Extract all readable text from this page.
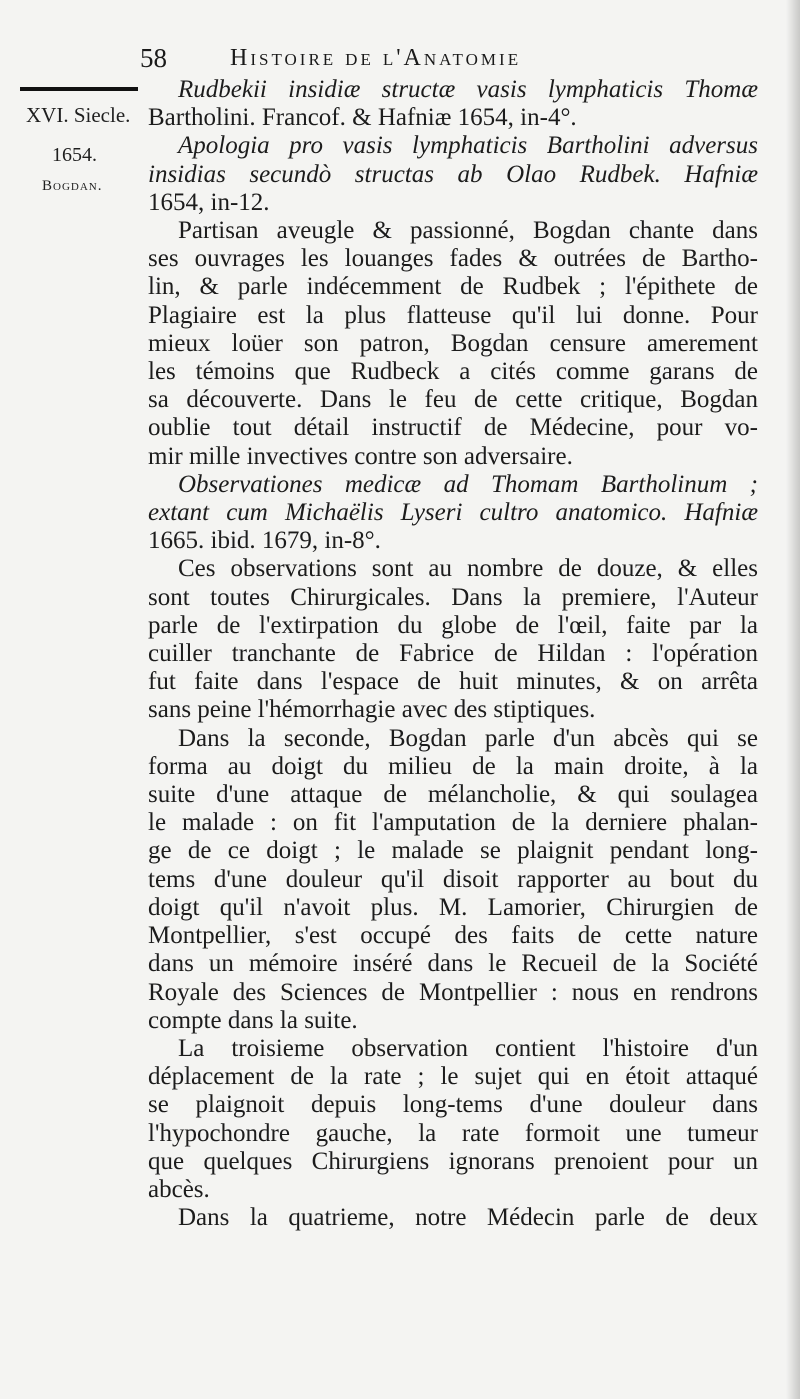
58	Histoire de l'Anatomie
XVI. Siecle.
1654.
Bogdan.
Rudbekii insidiæ structæ vasis lymphaticis Thomæ
Bartholini. Francof. & Hafniæ 1654, in-4°.
Apologia pro vasis lymphaticis Bartholini adversus
insidias secundò structas ab Olao Rudbek. Hafniæ
1654, in-12.
Partisan aveugle & passionné, Bogdan chante dans
ses ouvrages les louanges fades & outrées de Bartho-
lin, & parle indécemment de Rudbek ; l'épithete de
Plagiaire est la plus flatteuse qu'il lui donne. Pour
mieux loüer son patron, Bogdan censure amerement
les témoins que Rudbeck a cités comme garans de
sa découverte. Dans le feu de cette critique, Bogdan
oublie tout détail instructif de Médecine, pour vo-
mir mille invectives contre son adversaire.
Observationes medicæ ad Thomam Bartholinum ;
extant cum Michaëlis Lyseri cultro anatomico. Hafniæ
1665. ibid. 1679, in-8°.
Ces observations sont au nombre de douze, & elles
sont toutes Chirurgicales. Dans la premiere, l'Auteur
parle de l'extirpation du globe de l'œil, faite par la
cuiller tranchante de Fabrice de Hildan : l'opération
fut faite dans l'espace de huit minutes, & on arrêta
sans peine l'hémorrhagie avec des stiptiques.
Dans la seconde, Bogdan parle d'un abcès qui se
forma au doigt du milieu de la main droite, à la
suite d'une attaque de mélancholie, & qui soulagea
le malade : on fit l'amputation de la derniere phalan-
ge de ce doigt ; le malade se plaignit pendant long-
tems d'une douleur qu'il disoit rapporter au bout du
doigt qu'il n'avoit plus. M. Lamorier, Chirurgien de
Montpellier, s'est occupé des faits de cette nature
dans un mémoire inséré dans le Recueil de la Société
Royale des Sciences de Montpellier : nous en rendrons
compte dans la suite.
La troisieme observation contient l'histoire d'un
déplacement de la rate ; le sujet qui en étoit attaqué
se plaignoit depuis long-tems d'une douleur dans
l'hypochondre gauche, la rate formoit une tumeur
que quelques Chirurgiens ignorans prenoient pour un
abcès.
Dans la quatrieme, notre Médecin parle de deux
